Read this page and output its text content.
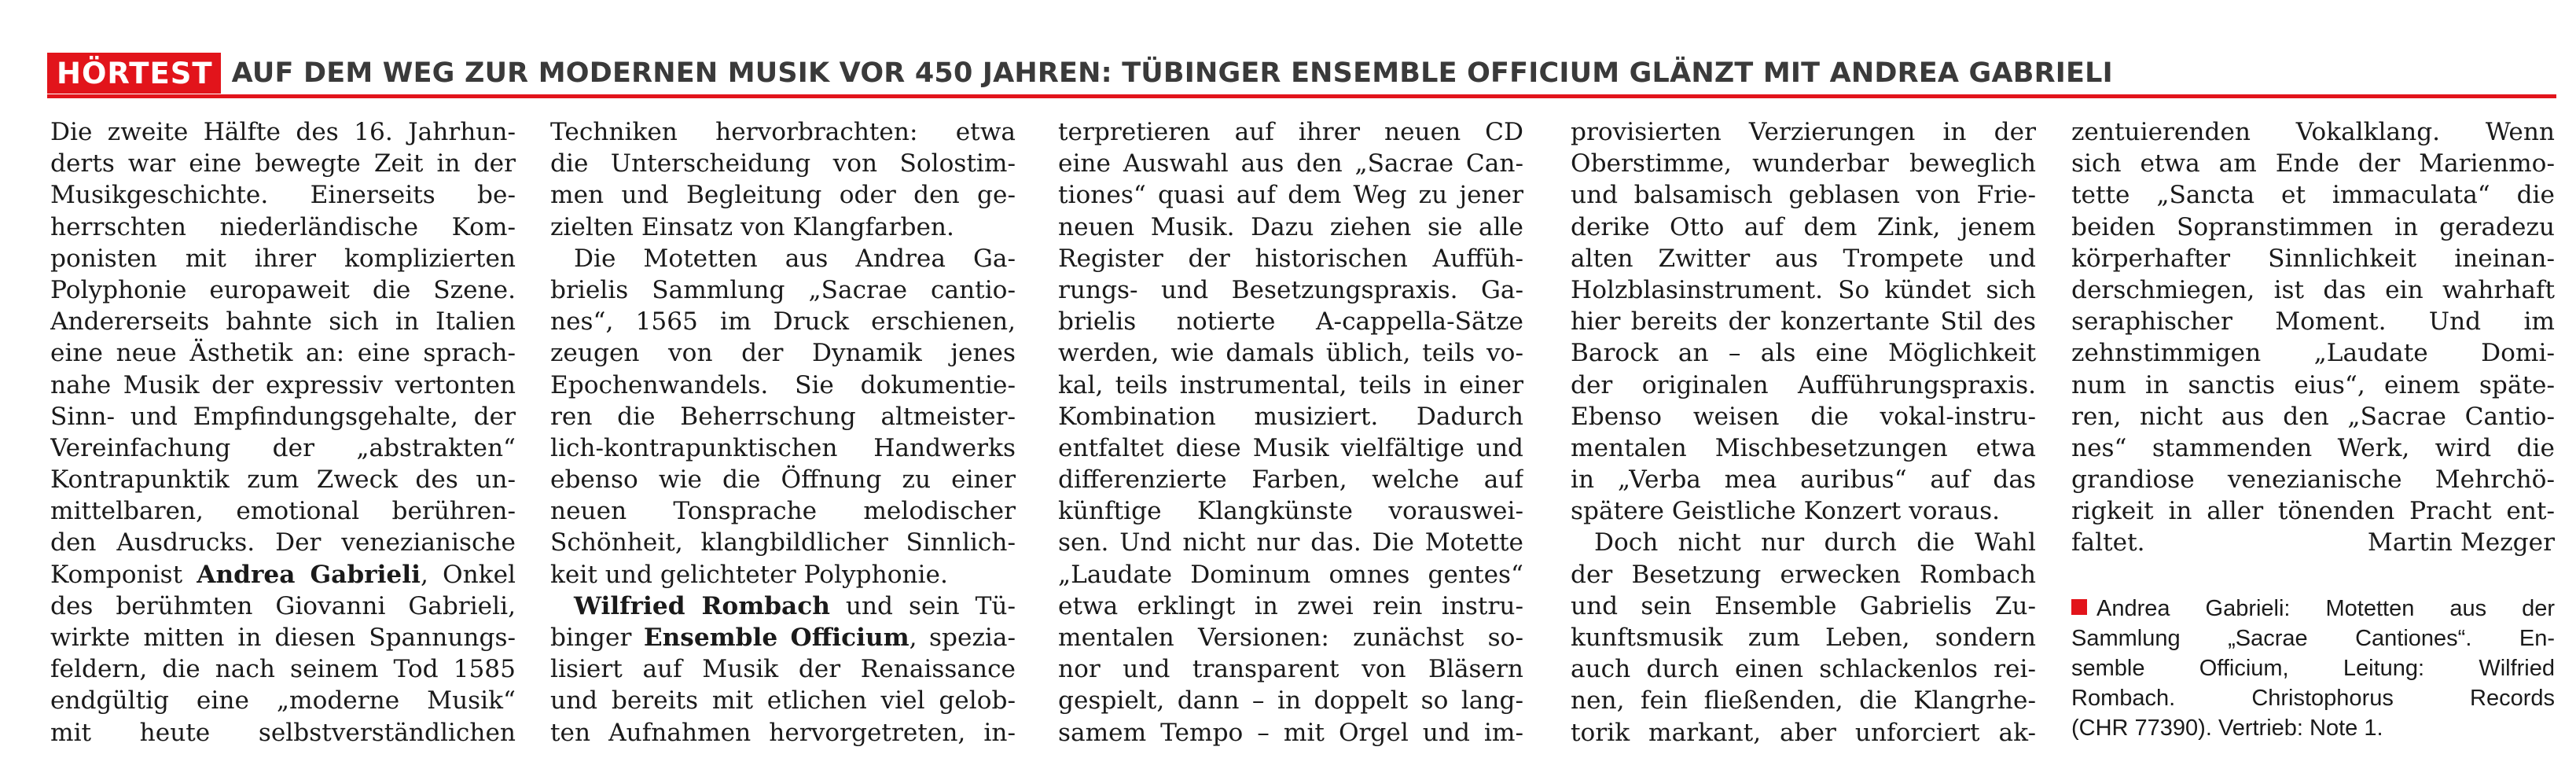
HÖRTEST AUF DEM WEG ZUR MODERNEN MUSIK VOR 450 JAHREN: TÜBINGER ENSEMBLE OFFICIUM GLÄNZT MIT ANDREA GABRIELI
Die zweite Hälfte des 16. Jahrhun-
derts war eine bewegte Zeit in der
Musikgeschichte. Einerseits be-
herrschten niederländische Kom-
ponisten mit ihrer komplizierten
Polyphonie europaweit die Szene.
Andererseits bahnte sich in Italien
eine neue Ästhetik an: eine sprach-
nahe Musik der expressiv vertonten
Sinn- und Empfindungsgehalte, der
Vereinfachung der „abstrakten“
Kontrapunktik zum Zweck des un-
mittelbaren, emotional berühren-
den Ausdrucks. Der venezianische
Komponist Andrea Gabrieli, Onkel
des berühmten Giovanni Gabrieli,
wirkte mitten in diesen Spannungs-
feldern, die nach seinem Tod 1585
endgültig eine „moderne Musik“
mit heute selbstverständlichen
Techniken hervorbrachten: etwa
die Unterscheidung von Solostim-
men und Begleitung oder den ge-
zielten Einsatz von Klangfarben.
Die Motetten aus Andrea Ga-
brielis Sammlung „Sacrae cantio-
nes“, 1565 im Druck erschienen,
zeugen von der Dynamik jenes
Epochenwandels. Sie dokumentie-
ren die Beherrschung altmeister-
lich-kontrapunktischen Handwerks
ebenso wie die Öffnung zu einer
neuen Tonsprache melodischer
Schönheit, klangbildlicher Sinnlich-
keit und gelichteter Polyphonie.
Wilfried Rombach und sein Tü-
binger Ensemble Officium, spezia-
lisiert auf Musik der Renaissance
und bereits mit etlichen viel gelob-
ten Aufnahmen hervorgetreten, in-
terpretieren auf ihrer neuen CD
eine Auswahl aus den „Sacrae Can-
tiones“ quasi auf dem Weg zu jener
neuen Musik. Dazu ziehen sie alle
Register der historischen Auffüh-
rungs- und Besetzungspraxis. Ga-
brielis notierte A-cappella-Sätze
werden, wie damals üblich, teils vo-
kal, teils instrumental, teils in einer
Kombination musiziert. Dadurch
entfaltet diese Musik vielfältige und
differenzierte Farben, welche auf
künftige Klangkünste vorauswei-
sen. Und nicht nur das. Die Motette
„Laudate Dominum omnes gentes“
etwa erklingt in zwei rein instru-
mentalen Versionen: zunächst so-
nor und transparent von Bläsern
gespielt, dann – in doppelt so lang-
samem Tempo – mit Orgel und im-
provisierten Verzierungen in der
Oberstimme, wunderbar beweglich
und balsamisch geblasen von Frie-
derike Otto auf dem Zink, jenem
alten Zwitter aus Trompete und
Holzblasinstrument. So kündet sich
hier bereits der konzertante Stil des
Barock an – als eine Möglichkeit
der originalen Aufführungspraxis.
Ebenso weisen die vokal-instru-
mentalen Mischbesetzungen etwa
in „Verba mea auribus“ auf das
spätere Geistliche Konzert voraus.
Doch nicht nur durch die Wahl
der Besetzung erwecken Rombach
und sein Ensemble Gabrielis Zu-
kunftsmusik zum Leben, sondern
auch durch einen schlackenlos rei-
nen, fein fließenden, die Klangrhe-
torik markant, aber unforciert ak-
zentuierenden Vokalklang. Wenn
sich etwa am Ende der Marienmo-
tette „Sancta et immaculata“ die
beiden Sopranstimmen in geradezu
körperhafter Sinnlichkeit ineinan-
derschmiegen, ist das ein wahrhaft
seraphischer Moment. Und im
zehnstimmigen „Laudate Domi-
num in sanctis eius“, einem späte-
ren, nicht aus den „Sacrae Cantio-
nes“ stammenden Werk, wird die
grandiose venezianische Mehrchö-
rigkeit in aller tönenden Pracht ent-
faltet.	Martin Mezger
Andrea Gabrieli: Motetten aus der
Sammlung „Sacrae Cantiones“. En-
semble Officium, Leitung: Wilfried
Rombach. Christophorus Records
(CHR 77390). Vertrieb: Note 1.
